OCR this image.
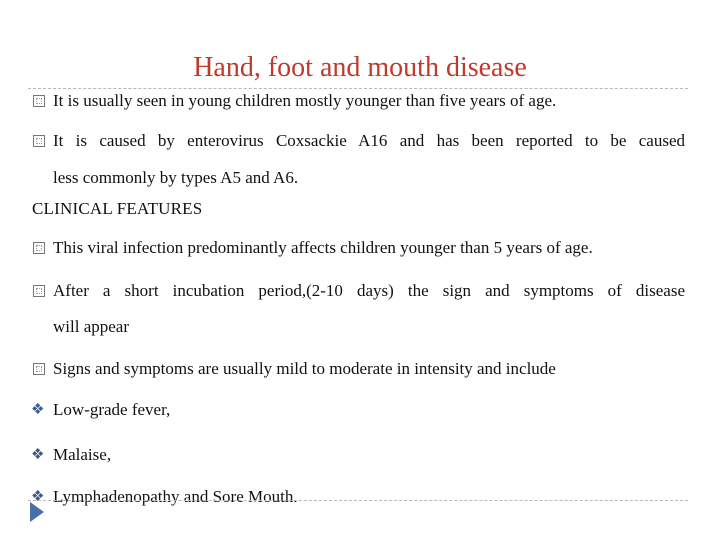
Hand, foot and mouth disease
It is usually seen in young children mostly younger than five years of age.
It is caused by enterovirus Coxsackie A16 and has been reported to be caused
less commonly by types A5 and A6.
CLINICAL FEATURES
This viral infection predominantly affects children younger than 5 years of age.
After a short incubation period,(2-10 days) the sign and symptoms of disease
will appear
Signs and symptoms are usually mild to moderate in intensity and include
❖ Low-grade fever,
❖ Malaise,
❖ Lymphadenopathy and Sore Mouth.
